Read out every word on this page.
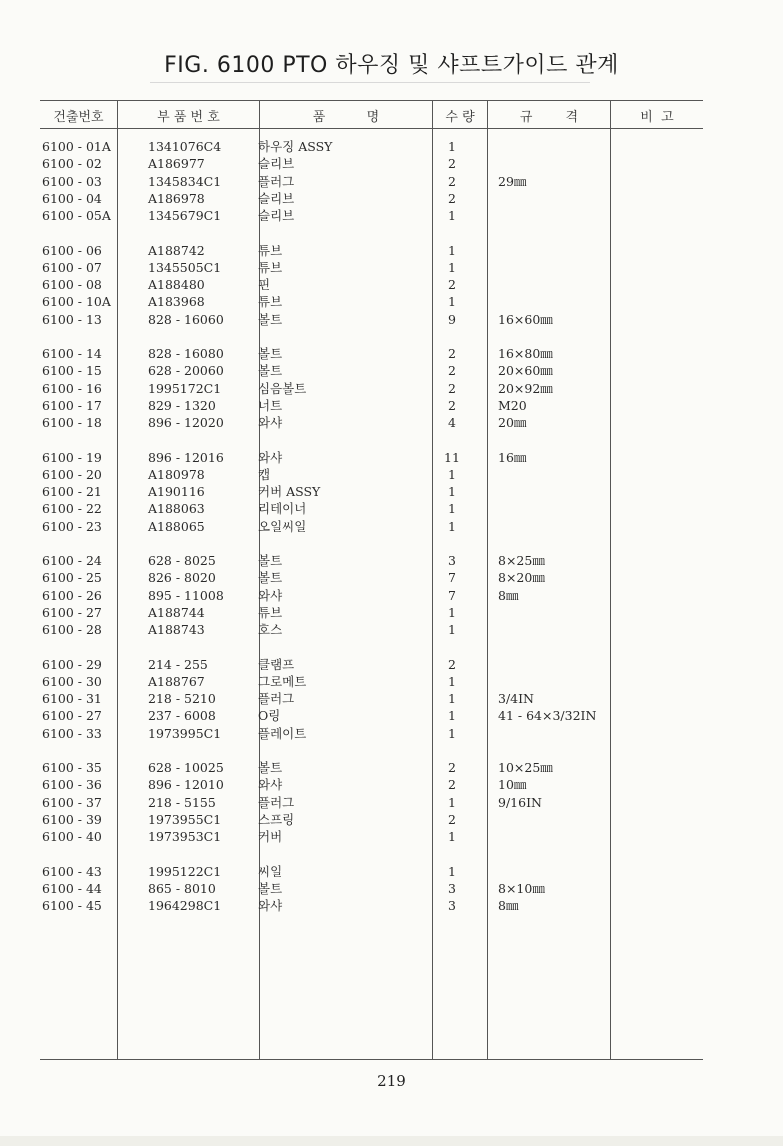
FIG. 6100 PTO 하우징 및 샤프트가이드 관계
건출번호	부 품 번 호	품          명	수 량	규        격	비  고
6100 - 01A	1341076C4	하우징 ASSY	1
6100 - 02	A186977	슬리브	2
6100 - 03	1345834C1	플러그	2	29㎜
6100 - 04	A186978	슬리브	2
6100 - 05A	1345679C1	슬리브	1
6100 - 06	A188742	튜브	1
6100 - 07	1345505C1	튜브	1
6100 - 08	A188480	핀	2
6100 - 10A	A183968	튜브	1
6100 - 13	828 - 16060	볼트	9	16×60㎜
6100 - 14	828 - 16080	볼트	2	16×80㎜
6100 - 15	628 - 20060	볼트	2	20×60㎜
6100 - 16	1995172C1	심음볼트	2	20×92㎜
6100 - 17	829 - 1320	너트	2	M20
6100 - 18	896 - 12020	와샤	4	20㎜
6100 - 19	896 - 12016	와샤	11	16㎜
6100 - 20	A180978	캡	1
6100 - 21	A190116	커버 ASSY	1
6100 - 22	A188063	리테이너	1
6100 - 23	A188065	오일씨일	1
6100 - 24	628 - 8025	볼트	3	8×25㎜
6100 - 25	826 - 8020	볼트	7	8×20㎜
6100 - 26	895 - 11008	와샤	7	8㎜
6100 - 27	A188744	튜브	1
6100 - 28	A188743	호스	1
6100 - 29	214 - 255	클램프	2
6100 - 30	A188767	그로메트	1
6100 - 31	218 - 5210	플러그	1	3/4IN
6100 - 27	237 - 6008	O링	1	41 - 64×3/32IN
6100 - 33	1973995C1	플레이트	1
6100 - 35	628 - 10025	볼트	2	10×25㎜
6100 - 36	896 - 12010	와샤	2	10㎜
6100 - 37	218 - 5155	플러그	1	9/16IN
6100 - 39	1973955C1	스프링	2
6100 - 40	1973953C1	커버	1
6100 - 43	1995122C1	씨일	1
6100 - 44	865 - 8010	볼트	3	8×10㎜
6100 - 45	1964298C1	와샤	3	8㎜
219
